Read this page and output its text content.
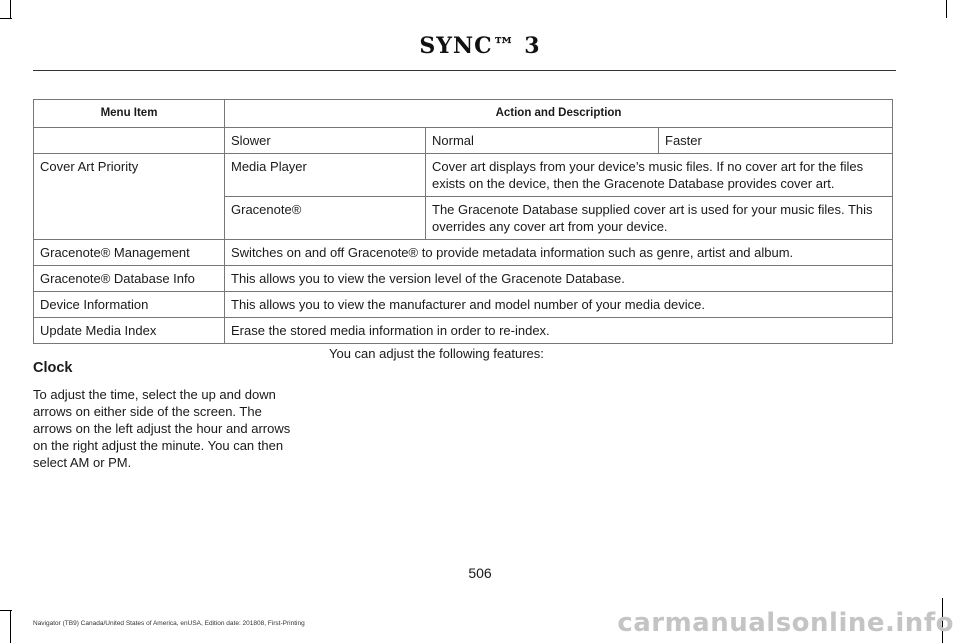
SYNC™ 3
Menu Item	Action and Description		
	Slower	Normal	Faster
Cover Art Priority	Media Player	Cover art displays from your device’s music files. If no cover art for the files exists on the device, then the Gracenote Database provides cover art.	
	Gracenote®	The Gracenote Database supplied cover art is used for your music files. This overrides any cover art from your device.	
Gracenote® Management	Switches on and off Gracenote® to provide metadata information such as genre, artist and album.		
Gracenote® Database Info	This allows you to view the version level of the Gracenote Database.		
Device Information	This allows you to view the manufacturer and model number of your media device.		
Update Media Index	Erase the stored media information in order to re-index.		
Clock

To adjust the time, select the up and down arrows on either side of the screen. The arrows on the left adjust the hour and arrows on the right adjust the minute. You can then select AM or PM.

You can adjust the following features:
506
Navigator (TB9) Canada/United States of America, enUSA, Edition date: 201808, First-Printing	carmanualsonline.info
